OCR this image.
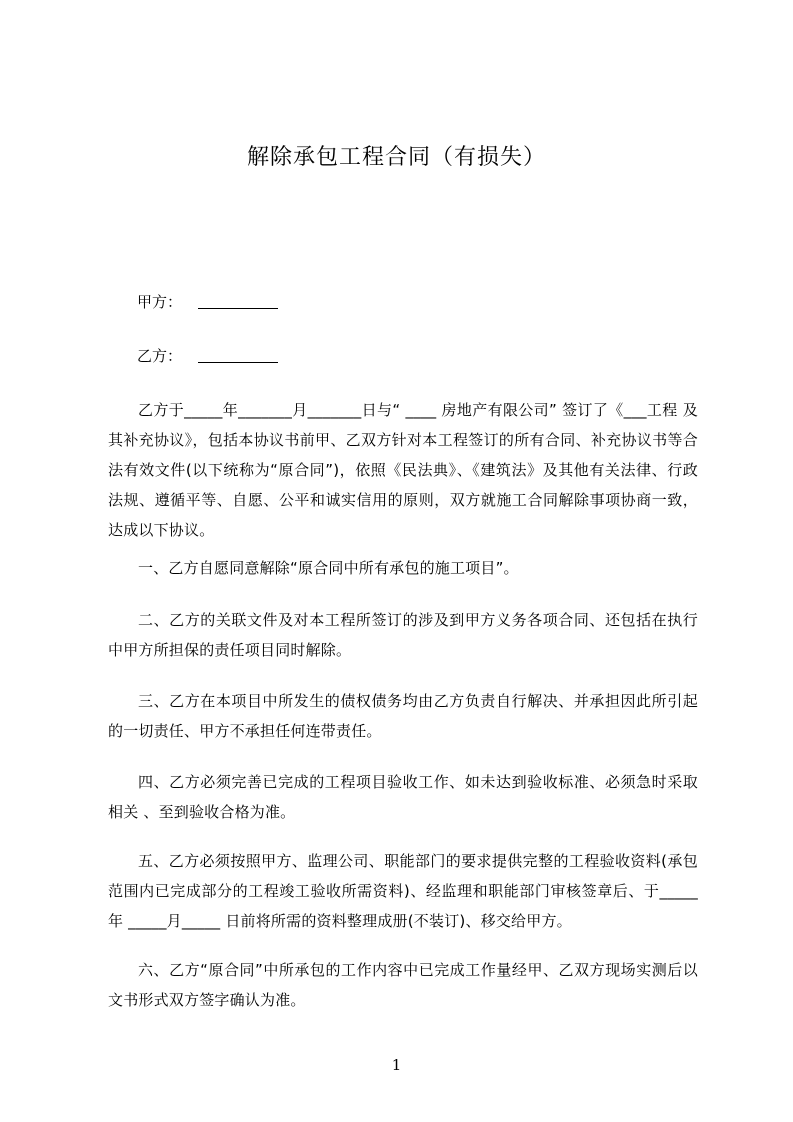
解除承包工程合同（有损失）
甲方：
乙方：
乙方于_____年_______月_______日与“ ____ 房地产有限公司” 签订了《___工程 及其补充协议》，包括本协议书前甲、乙双方针对本工程签订的所有合同、补充协议书等合法有效文件(以下统称为“原合同”)，依照《民法典》、《建筑法》及其他有关法律、行政法规、遵循平等、自愿、公平和诚实信用的原则，双方就施工合同解除事项协商一致，达成以下协议。
一、乙方自愿同意解除“原合同中所有承包的施工项目”。
二、乙方的关联文件及对本工程所签订的涉及到甲方义务各项合同、还包括在执行中甲方所担保的责任项目同时解除。
三、乙方在本项目中所发生的债权债务均由乙方负责自行解决、并承担因此所引起的一切责任、甲方不承担任何连带责任。
四、乙方必须完善已完成的工程项目验收工作、如未达到验收标准、必须急时采取相关 、至到验收合格为准。
五、乙方必须按照甲方、监理公司、职能部门的要求提供完整的工程验收资料(承包范围内已完成部分的工程竣工验收所需资料)、经监理和职能部门审核签章后、于_____ 年 _____月_____ 日前将所需的资料整理成册(不装订)、移交给甲方。
六、乙方“原合同”中所承包的工作内容中已完成工作量经甲、乙双方现场实测后以文书形式双方签字确认为准。
1
